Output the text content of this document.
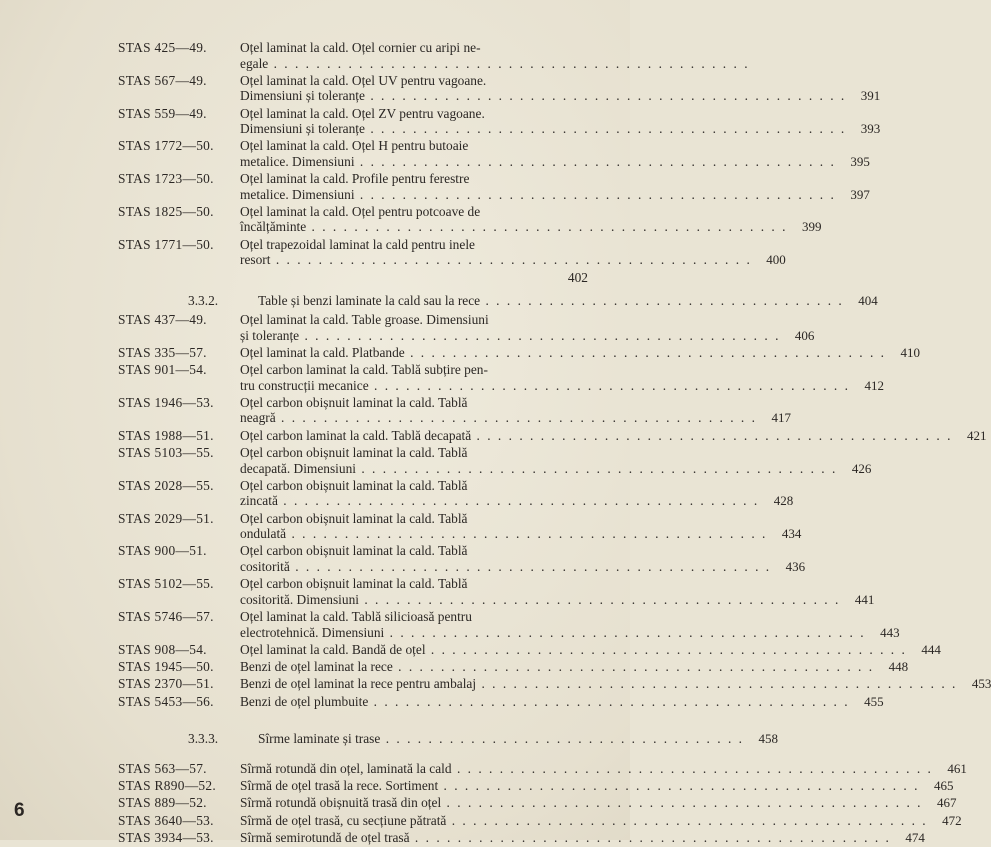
STAS 425—49.	Oțel laminat la cald. Oțel cornier cu aripi ne-
egale . . .
STAS 567—49.	Oțel laminat la cald. Oțel UV pentru vagoane.
Dimensiuni și toleranțe . . .	391
STAS 559—49.	Oțel laminat la cald. Oțel ZV pentru vagoane.
Dimensiuni și toleranțe . . .	393
STAS 1772—50.	Oțel laminat la cald. Oțel H pentru butoaie
metalice. Dimensiuni . . .	395
STAS 1723—50.	Oțel laminat la cald. Profile pentru ferestre
metalice. Dimensiuni . . .	397
STAS 1825—50.	Oțel laminat la cald. Oțel pentru potcoave de
încălțăminte . . .	399
STAS 1771—50.	Oțel trapezoidal laminat la cald pentru inele
resort . . .	400
402
3.3.2.	Table și benzi laminate la cald sau la rece . . .	404
STAS 437—49.	Oțel laminat la cald. Table groase. Dimensiuni
și toleranțe . . .	406
STAS 335—57.	Oțel laminat la cald. Platbande . . .	410
STAS 901—54.	Oțel carbon laminat la cald. Tablă subțire pen-
tru construcții mecanice . . .	412
STAS 1946—53.	Oțel carbon obișnuit laminat la cald. Tablă
neagră . . .	417
STAS 1988—51.	Oțel carbon laminat la cald. Tablă decapată . . .	421
STAS 5103—55.	Oțel carbon obișnuit laminat la cald. Tablă
decapată. Dimensiuni . . .	426
STAS 2028—55.	Oțel carbon obișnuit laminat la cald. Tablă
zincată . . .	428
STAS 2029—51.	Oțel carbon obișnuit laminat la cald. Tablă
ondulată . . .	434
STAS 900—51.	Oțel carbon obișnuit laminat la cald. Tablă
cositorită . . .	436
STAS 5102—55.	Oțel carbon obișnuit laminat la cald. Tablă
cositorită. Dimensiuni . . .	441
STAS 5746—57.	Oțel laminat la cald. Tablă silicioasă pentru
electrotehnică. Dimensiuni . . .	443
STAS 908—54.	Oțel laminat la cald. Bandă de oțel . . .	444
STAS 1945—50.	Benzi de oțel laminat la rece . . .	448
STAS 2370—51.	Benzi de oțel laminat la rece pentru ambalaj . . .	453
STAS 5453—56.	Benzi de oțel plumbuite . . .	455
3.3.3.	Sîrme laminate și trase . . .	458
STAS 563—57.	Sîrmă rotundă din oțel, laminată la cald . . .	461
STAS R890—52.	Sîrmă de oțel trasă la rece. Sortiment . . .	465
STAS 889—52.	Sîrmă rotundă obișnuită trasă din oțel . . .	467
STAS 3640—53.	Sîrmă de oțel trasă, cu secțiune pătrată . . .	472
STAS 3934—53.	Sîrmă semirotundă de oțel trasă . . .	474
6
